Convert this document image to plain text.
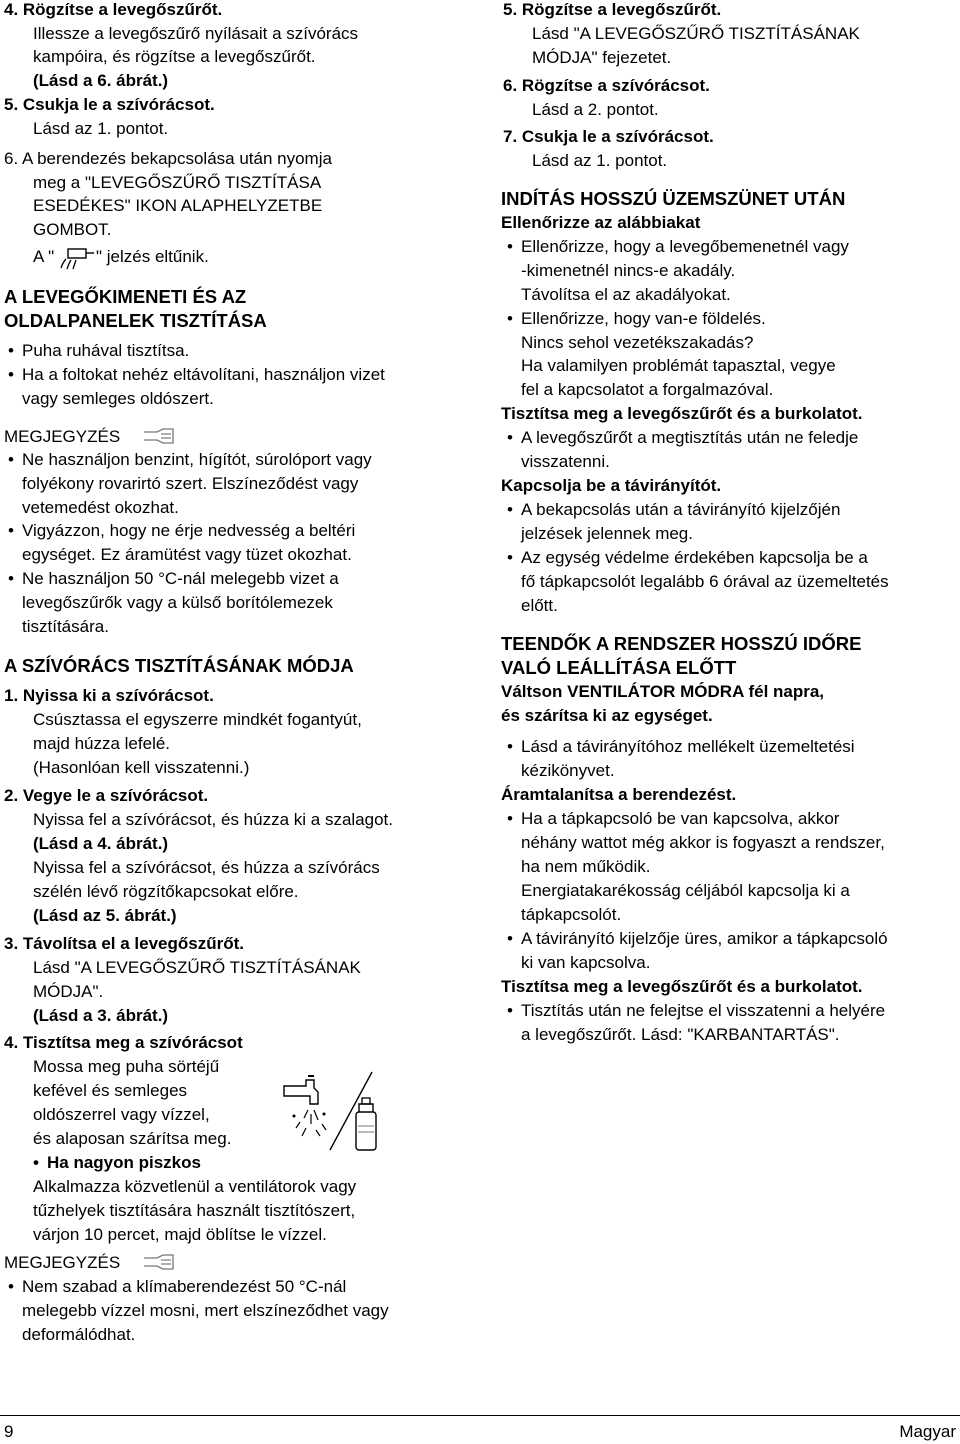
4. Rögzítse a levegőszűrőt.
Illessze a levegőszűrő nyílásait a szívórács
kampóira, és rögzítse a levegőszűrőt.
(Lásd a 6. ábrát.)
5. Csukja le a szívórácsot.
Lásd az 1. pontot.
6. A berendezés bekapcsolása után nyomja
meg a "LEVEGŐSZŰRŐ TISZTÍTÁSA
ESEDÉKES" IKON ALAPHELYZETBE
GOMBOT.
A " " jelzés eltűnik.
A LEVEGŐKIMENETI ÉS AZ
OLDALPANELEK TISZTÍTÁSA
• Puha ruhával tisztítsa.
• Ha a foltokat nehéz eltávolítani, használjon vizet
vagy semleges oldószert.
MEGJEGYZÉS
• Ne használjon benzint, hígítót, súrolóport vagy
folyékony rovarirtó szert. Elszíneződést vagy
vetemedést okozhat.
• Vigyázzon, hogy ne érje nedvesség a beltéri
egységet. Ez áramütést vagy tüzet okozhat.
• Ne használjon 50 °C-nál melegebb vizet a
levegőszűrők vagy a külső borítólemezek
tisztítására.
A SZÍVÓRÁCS TISZTÍTÁSÁNAK MÓDJA
1. Nyissa ki a szívórácsot.
Csúsztassa el egyszerre mindkét fogantyút,
majd húzza lefelé.
(Hasonlóan kell visszatenni.)
2. Vegye le a szívórácsot.
Nyissa fel a szívórácsot, és húzza ki a szalagot.
(Lásd a 4. ábrát.)
Nyissa fel a szívórácsot, és húzza a szívórács
szélén lévő rögzítőkapcsokat előre.
(Lásd az 5. ábrát.)
3. Távolítsa el a levegőszűrőt.
Lásd "A LEVEGŐSZŰRŐ TISZTÍTÁSÁNAK
MÓDJA".
(Lásd a 3. ábrát.)
4. Tisztítsa meg a szívórácsot
Mossa meg puha sörtéjű
kefével és semleges
oldószerrel vagy vízzel,
és alaposan szárítsa meg.
• Ha nagyon piszkos
Alkalmazza közvetlenül a ventilátorok vagy
tűzhelyek tisztítására használt tisztítószert,
várjon 10 percet, majd öblítse le vízzel.
MEGJEGYZÉS
• Nem szabad a klímaberendezést 50 °C-nál
melegebb vízzel mosni, mert elszíneződhet vagy
deformálódhat.
5. Rögzítse a levegőszűrőt.
Lásd "A LEVEGŐSZŰRŐ TISZTÍTÁSÁNAK
MÓDJA" fejezetet.
6. Rögzítse a szívórácsot.
Lásd a 2. pontot.
7. Csukja le a szívórácsot.
Lásd az 1. pontot.
INDÍTÁS HOSSZÚ ÜZEMSZÜNET UTÁN
Ellenőrizze az alábbiakat
• Ellenőrizze, hogy a levegőbemenetnél vagy
-kimenetnél nincs-e akadály.
Távolítsa el az akadályokat.
• Ellenőrizze, hogy van-e földelés.
Nincs sehol vezetékszakadás?
Ha valamilyen problémát tapasztal, vegye
fel a kapcsolatot a forgalmazóval.
Tisztítsa meg a levegőszűrőt és a burkolatot.
• A levegőszűrőt a megtisztítás után ne feledje
visszatenni.
Kapcsolja be a távirányítót.
• A bekapcsolás után a távirányító kijelzőjén
jelzések jelennek meg.
• Az egység védelme érdekében kapcsolja be a
fő tápkapcsolót legalább 6 órával az üzemeltetés
előtt.
TEENDŐK A RENDSZER HOSSZÚ IDŐRE
VALÓ LEÁLLÍTÁSA ELŐTT
Váltson VENTILÁTOR MÓDRA fél napra,
és szárítsa ki az egységet.
• Lásd a távirányítóhoz mellékelt üzemeltetési
kézikönyvet.
Áramtalanítsa a berendezést.
• Ha a tápkapcsoló be van kapcsolva, akkor
néhány wattot még akkor is fogyaszt a rendszer,
ha nem működik.
Energiatakarékosság céljából kapcsolja ki a
tápkapcsolót.
• A távirányító kijelzője üres, amikor a tápkapcsoló
ki van kapcsolva.
Tisztítsa meg a levegőszűrőt és a burkolatot.
• Tisztítás után ne felejtse el visszatenni a helyére
a levegőszűrőt. Lásd: "KARBANTARTÁS".
9	Magyar
